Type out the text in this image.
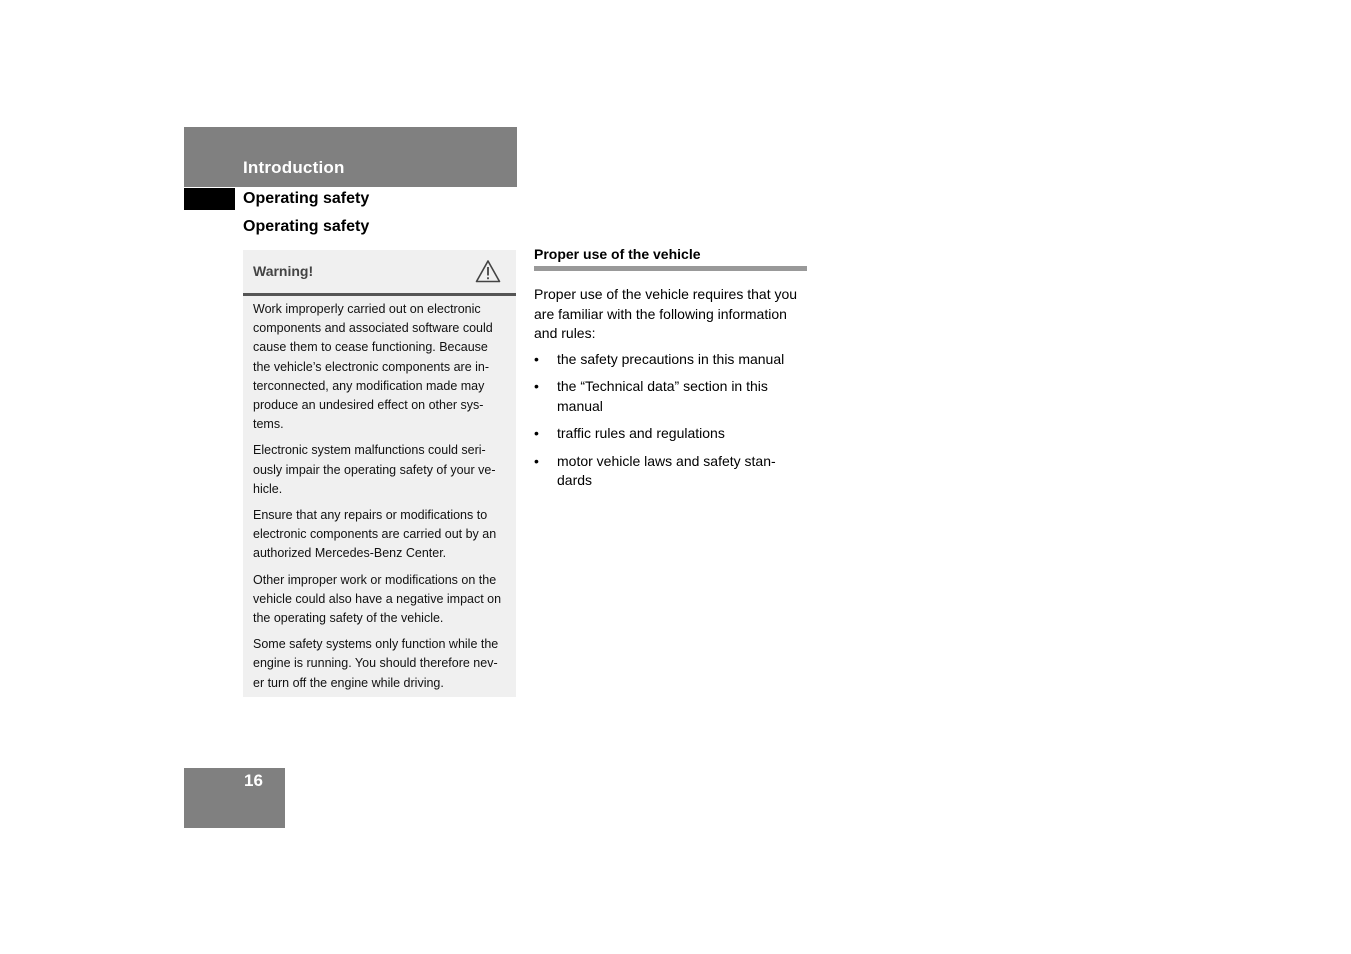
Introduction
Operating safety
Operating safety
Warning!

Work improperly carried out on electronic components and associated software could cause them to cease functioning. Because the vehicle’s electronic components are in-terconnected, any modification made may produce an undesired effect on other sys-tems.

Electronic system malfunctions could seri-ously impair the operating safety of your ve-hicle.

Ensure that any repairs or modifications to electronic components are carried out by an authorized Mercedes-Benz Center.

Other improper work or modifications on the vehicle could also have a negative impact on the operating safety of the vehicle.

Some safety systems only function while the engine is running. You should therefore nev-er turn off the engine while driving.

Proper use of the vehicle

Proper use of the vehicle requires that you are familiar with the following information and rules:

• the safety precautions in this manual
• the “Technical data” section in this manual
• traffic rules and regulations
• motor vehicle laws and safety stan-dards
16
